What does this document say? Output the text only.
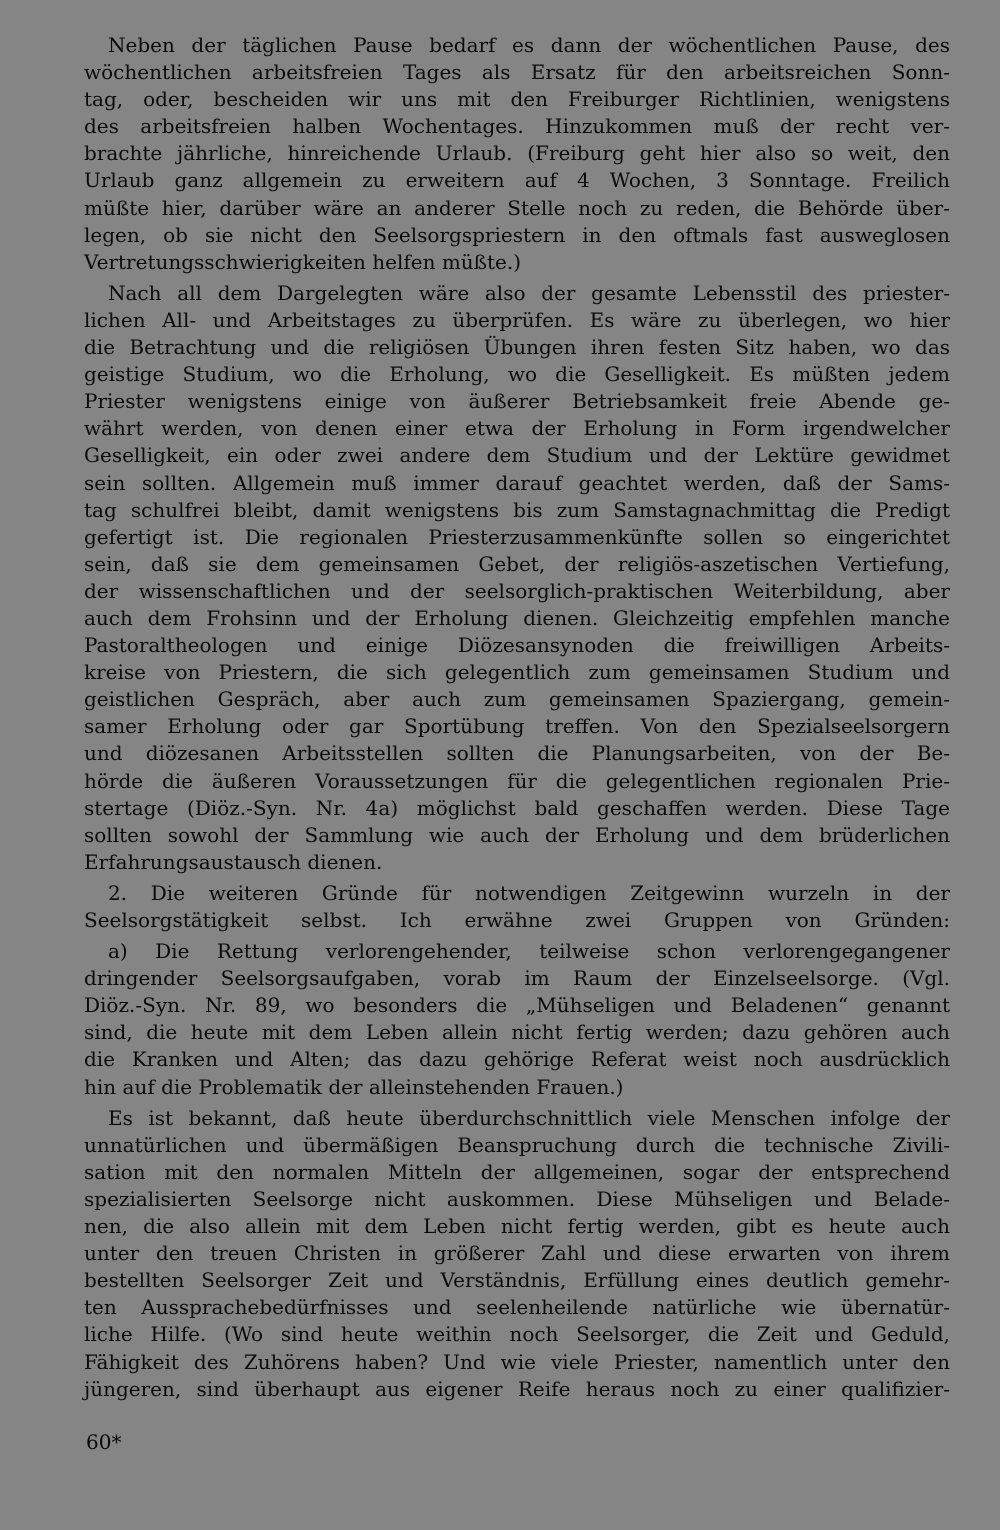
Neben der täglichen Pause bedarf es dann der wöchentlichen Pause, des
wöchentlichen arbeitsfreien Tages als Ersatz für den arbeitsreichen Sonn-
tag, oder, bescheiden wir uns mit den Freiburger Richtlinien, wenigstens
des arbeitsfreien halben Wochentages. Hinzukommen muß der recht ver-
brachte jährliche, hinreichende Urlaub. (Freiburg geht hier also so weit, den
Urlaub ganz allgemein zu erweitern auf 4 Wochen, 3 Sonntage. Freilich
müßte hier, darüber wäre an anderer Stelle noch zu reden, die Behörde über-
legen, ob sie nicht den Seelsorgspriestern in den oftmals fast ausweglosen
Vertretungsschwierigkeiten helfen müßte.)
Nach all dem Dargelegten wäre also der gesamte Lebensstil des priester-
lichen All- und Arbeitstages zu überprüfen. Es wäre zu überlegen, wo hier
die Betrachtung und die religiösen Übungen ihren festen Sitz haben, wo das
geistige Studium, wo die Erholung, wo die Geselligkeit. Es müßten jedem
Priester wenigstens einige von äußerer Betriebsamkeit freie Abende ge-
währt werden, von denen einer etwa der Erholung in Form irgendwelcher
Geselligkeit, ein oder zwei andere dem Studium und der Lektüre gewidmet
sein sollten. Allgemein muß immer darauf geachtet werden, daß der Sams-
tag schulfrei bleibt, damit wenigstens bis zum Samstagnachmittag die Predigt
gefertigt ist. Die regionalen Priesterzusammenkünfte sollen so eingerichtet
sein, daß sie dem gemeinsamen Gebet, der religiös-aszetischen Vertiefung,
der wissenschaftlichen und der seelsorglich-praktischen Weiterbildung, aber
auch dem Frohsinn und der Erholung dienen. Gleichzeitig empfehlen manche
Pastoraltheologen und einige Diözesansynoden die freiwilligen Arbeits-
kreise von Priestern, die sich gelegentlich zum gemeinsamen Studium und
geistlichen Gespräch, aber auch zum gemeinsamen Spaziergang, gemein-
samer Erholung oder gar Sportübung treffen. Von den Spezialseelsorgern
und diözesanen Arbeitsstellen sollten die Planungsarbeiten, von der Be-
hörde die äußeren Voraussetzungen für die gelegentlichen regionalen Prie-
stertage (Diöz.-Syn. Nr. 4a) möglichst bald geschaffen werden. Diese Tage
sollten sowohl der Sammlung wie auch der Erholung und dem brüderlichen
Erfahrungsaustausch dienen.
2. Die weiteren Gründe für notwendigen Zeitgewinn wurzeln in der
Seelsorgstätigkeit selbst. Ich erwähne zwei Gruppen von Gründen:
a) Die Rettung verlorengehender, teilweise schon verlorengegangener
dringender Seelsorgsaufgaben, vorab im Raum der Einzelseelsorge. (Vgl.
Diöz.-Syn. Nr. 89, wo besonders die „Mühseligen und Beladenen“ genannt
sind, die heute mit dem Leben allein nicht fertig werden; dazu gehören auch
die Kranken und Alten; das dazu gehörige Referat weist noch ausdrücklich
hin auf die Problematik der alleinstehenden Frauen.)
Es ist bekannt, daß heute überdurchschnittlich viele Menschen infolge der
unnatürlichen und übermäßigen Beanspruchung durch die technische Zivili-
sation mit den normalen Mitteln der allgemeinen, sogar der entsprechend
spezialisierten Seelsorge nicht auskommen. Diese Mühseligen und Belade-
nen, die also allein mit dem Leben nicht fertig werden, gibt es heute auch
unter den treuen Christen in größerer Zahl und diese erwarten von ihrem
bestellten Seelsorger Zeit und Verständnis, Erfüllung eines deutlich gemehr-
ten Aussprachebedürfnisses und seelenheilende natürliche wie übernatür-
liche Hilfe. (Wo sind heute weithin noch Seelsorger, die Zeit und Geduld,
Fähigkeit des Zuhörens haben? Und wie viele Priester, namentlich unter den
jüngeren, sind überhaupt aus eigener Reife heraus noch zu einer qualifizier-
60*
